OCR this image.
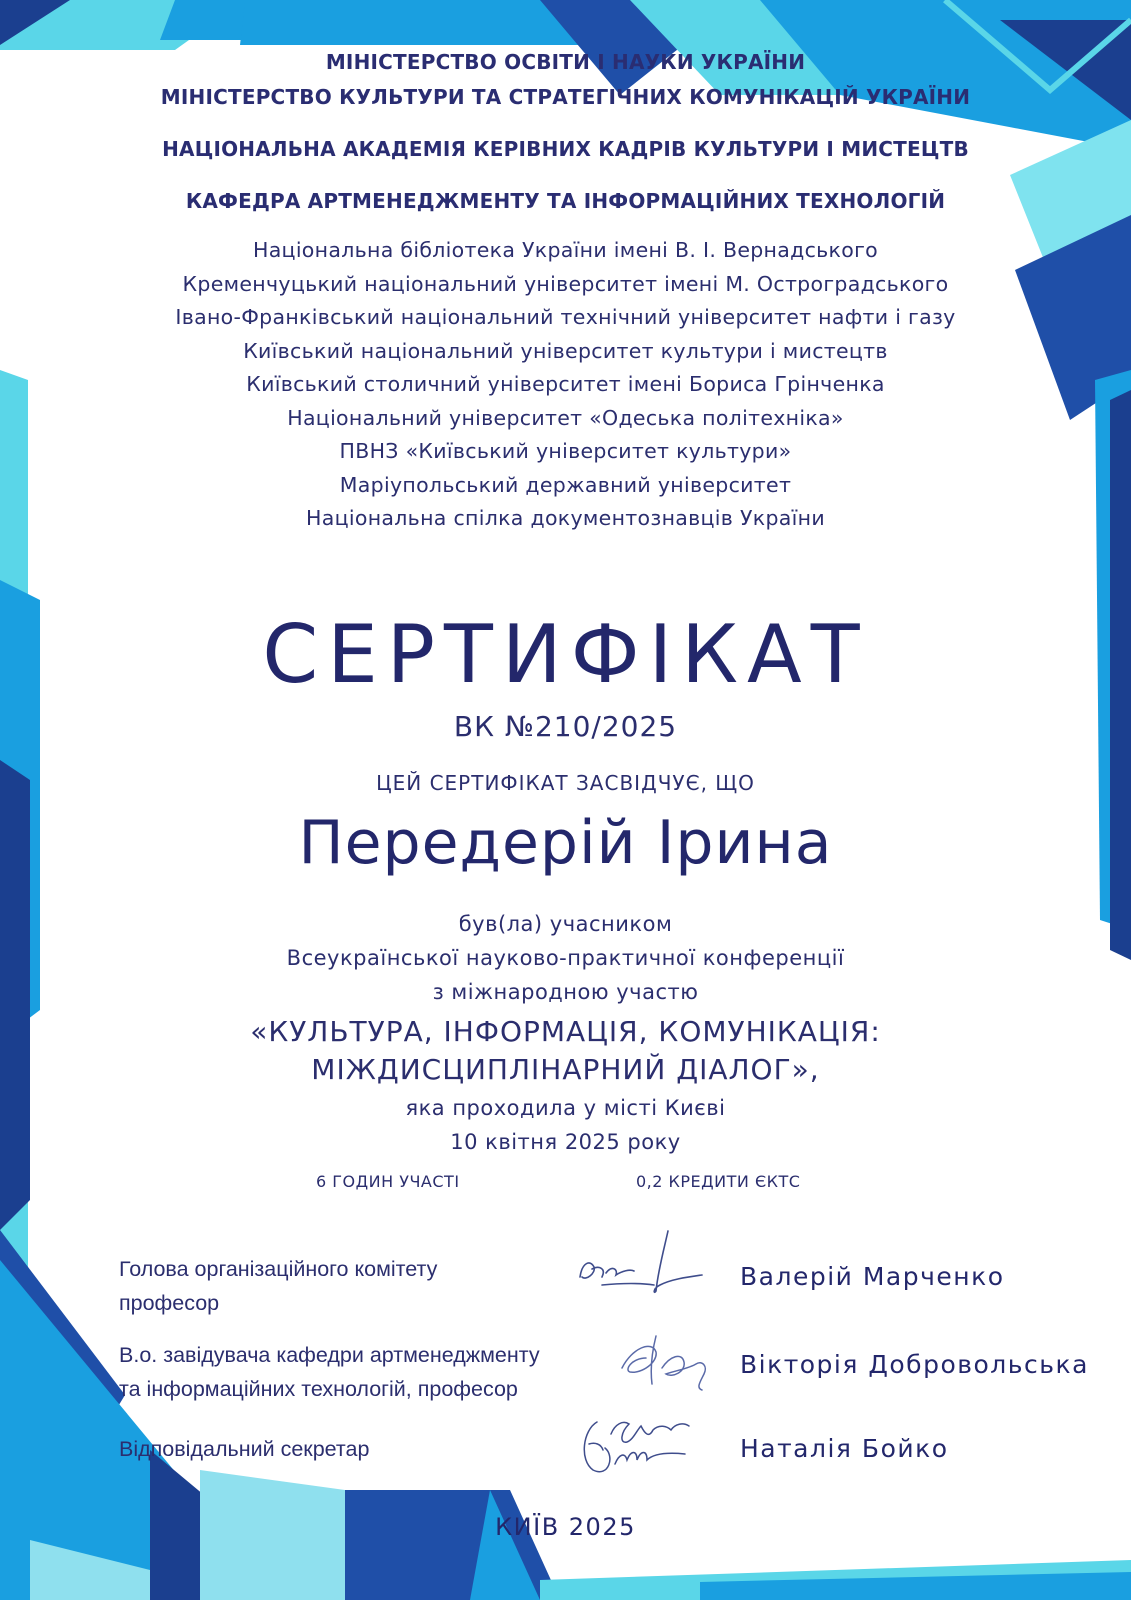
МІНІСТЕРСТВО ОСВІТИ І НАУКИ УКРАЇНИ
МІНІСТЕРСТВО КУЛЬТУРИ ТА СТРАТЕГІЧНИХ КОМУНІКАЦІЙ УКРАЇНИ
НАЦІОНАЛЬНА АКАДЕМІЯ КЕРІВНИХ КАДРІВ КУЛЬТУРИ І МИСТЕЦТВ
КАФЕДРА АРТМЕНЕДЖМЕНТУ ТА ІНФОРМАЦІЙНИХ ТЕХНОЛОГІЙ
Національна бібліотека України імені В. І. Вернадського
Кременчуцький національний університет імені М. Остроградського
Івано-Франківський національний технічний університет нафти і газу
Київський національний університет культури і мистецтв
Київський столичний університет імені Бориса Грінченка
Національний університет «Одеська політехніка»
ПВНЗ «Київський університет культури»
Маріупольський державний університет
Національна спілка документознавців України
СЕРТИФІКАТ
ВК №210/2025
ЦЕЙ СЕРТИФІКАТ ЗАСВІДЧУЄ, ЩО
Передерій Ірина
був(ла) учасником
Всеукраїнської науково-практичної конференції
з міжнародною участю
«КУЛЬТУРА, ІНФОРМАЦІЯ, КОМУНІКАЦІЯ:
МІЖДИСЦИПЛІНАРНИЙ ДІАЛОГ»,
яка проходила у місті Києві
10 квітня 2025 року
6 ГОДИН УЧАСТІ	0,2 КРЕДИТИ ЄКТС
Голова організаційного комітету
професор
Валерій Марченко
В.о. завідувача кафедри артменеджменту
та інформаційних технологій, професор
Вікторія Добровольська
Відповідальний секретар	Наталія Бойко
КИЇВ 2025
